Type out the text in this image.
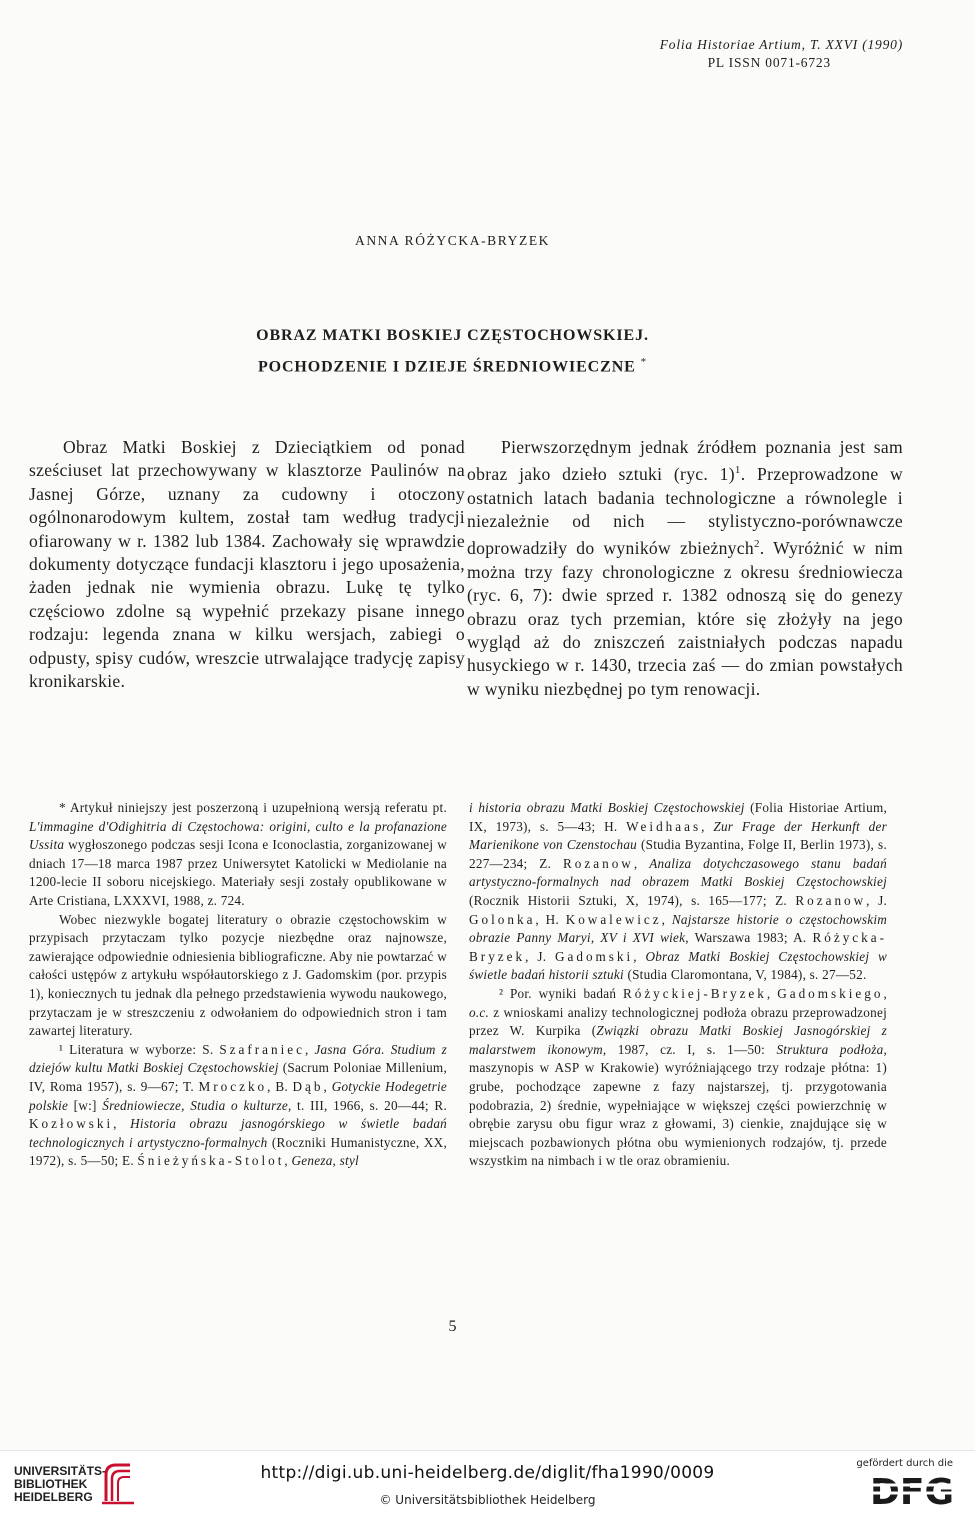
Folia Historiae Artium, T. XXVI (1990)
PL ISSN 0071-6723
ANNA RÓŻYCKA-BRYZEK
OBRAZ MATKI BOSKIEJ CZĘSTOCHOWSKIEJ.
POCHODZENIE I DZIEJE ŚREDNIOWIECZNE *

Obraz Matki Boskiej z Dzieciątkiem od ponad sześciuset lat przechowywany w klasztorze Paulinów na Jasnej Górze, uznany za cudowny i otoczony ogólnonarodowym kultem, został tam według tradycji ofiarowany w r. 1382 lub 1384. Zachowały się wprawdzie dokumenty dotyczące fundacji klasztoru i jego uposażenia, żaden jednak nie wymienia obrazu. Lukę tę tylko częściowo zdolne są wypełnić przekazy pisane innego rodzaju: legenda znana w kilku wersjach, zabiegi o odpusty, spisy cudów, wreszcie utrwalające tradycję zapisy kronikarskie.

Pierwszorzędnym jednak źródłem poznania jest sam obraz jako dzieło sztuki (ryc. 1)$^1$. Przeprowadzone w ostatnich latach badania technologiczne a równolegle i niezależnie od nich — stylistyczno-porównawcze doprowadziły do wyników zbieżnych$^2$. Wyróżnić w nim można trzy fazy chronologiczne z okresu średniowiecza (ryc. 6, 7): dwie sprzed r. 1382 odnoszą się do genezy obrazu oraz tych przemian, które się złożyły na jego wygląd aż do zniszczeń zaistniałych podczas napadu husyckiego w r. 1430, trzecia zaś — do zmian powstałych w wyniku niezbędnej po tym renowacji.

* Artykuł niniejszy jest poszerzoną i uzupełnioną wersją referatu pt. L'immagine d'Odighitria di Częstochowa: origini, culto e la profanazione Ussita wygłoszonego podczas sesji Icona e Iconoclastia, zorganizowanej w dniach 17—18 marca 1987 przez Uniwersytet Katolicki w Mediolanie na 1200-lecie II soboru nicejskiego. Materiały sesji zostały opublikowane w Arte Cristiana, LXXXVI, 1988, z. 724.

Wobec niezwykle bogatej literatury o obrazie częstochowskim w przypisach przytaczam tylko pozycje niezbędne oraz najnowsze, zawierające odpowiednie odniesienia bibliograficzne. Aby nie powtarzać w całości ustępów z artykułu współautorskiego z J. Gadomskim (por. przypis 1), koniecznych tu jednak dla pełnego przedstawienia wywodu naukowego, przytaczam je w streszczeniu z odwołaniem do odpowiednich stron i tam zawartej literatury.

¹ Literatura w wyborze: S. Szafraniec, Jasna Góra. Studium z dziejów kultu Matki Boskiej Częstochowskiej (Sacrum Poloniae Millenium, IV, Roma 1957), s. 9—67; T. Mroczko, B. Dąb, Gotyckie Hodegetrie polskie [w:] Średniowiecze, Studia o kulturze, t. III, 1966, s. 20—44; R. Kozłowski, Historia obrazu jasnogórskiego w świetle badań technologicznych i artystyczno-formalnych (Roczniki Humanistyczne, XX, 1972), s. 5—50; E. Śnieżyńska-Stolot, Geneza, styl

i historia obrazu Matki Boskiej Częstochowskiej (Folia Historiae Artium, IX, 1973), s. 5—43; H. Weidhaas, Zur Frage der Herkunft der Marienikone von Czenstochau (Studia Byzantina, Folge II, Berlin 1973), s. 227—234; Z. Rozanow, Analiza dotychczasowego stanu badań artystyczno-formalnych nad obrazem Matki Boskiej Częstochowskiej (Rocznik Historii Sztuki, X, 1974), s. 165—177; Z. Rozanow, J. Golonka, H. Kowalewicz, Najstarsze historie o częstochowskim obrazie Panny Maryi, XV i XVI wiek, Warszawa 1983; A. Różycka-Bryzek, J. Gadomski, Obraz Matki Boskiej Częstochowskiej w świetle badań historii sztuki (Studia Claromontana, V, 1984), s. 27—52.

² Por. wyniki badań Różyckiej-Bryzek, Gadomskiego, o.c. z wnioskami analizy technologicznej podłoża obrazu przeprowadzonej przez W. Kurpika (Związki obrazu Matki Boskiej Jasnogórskiej z malarstwem ikonowym, 1987, cz. I, s. 1—50: Struktura podłoża, maszynopis w ASP w Krakowie) wyróżniającego trzy rodzaje płótna: 1) grube, pochodzące zapewne z fazy najstarszej, tj. przygotowania podobrazia, 2) średnie, wypełniające w większej części powierzchnię w obrębie zarysu obu figur wraz z głowami, 3) cienkie, znajdujące się w miejscach pozbawionych płótna obu wymienionych rodzajów, tj. przede wszystkim na nimbach i w tle oraz obramieniu.

5
UNIVERSITÄTS-
BIBLIOTHEK
HEIDELBERG
http://digi.ub.uni-heidelberg.de/diglit/fha1990/0009
© Universitätsbibliothek Heidelberg
gefördert durch die
DFG
